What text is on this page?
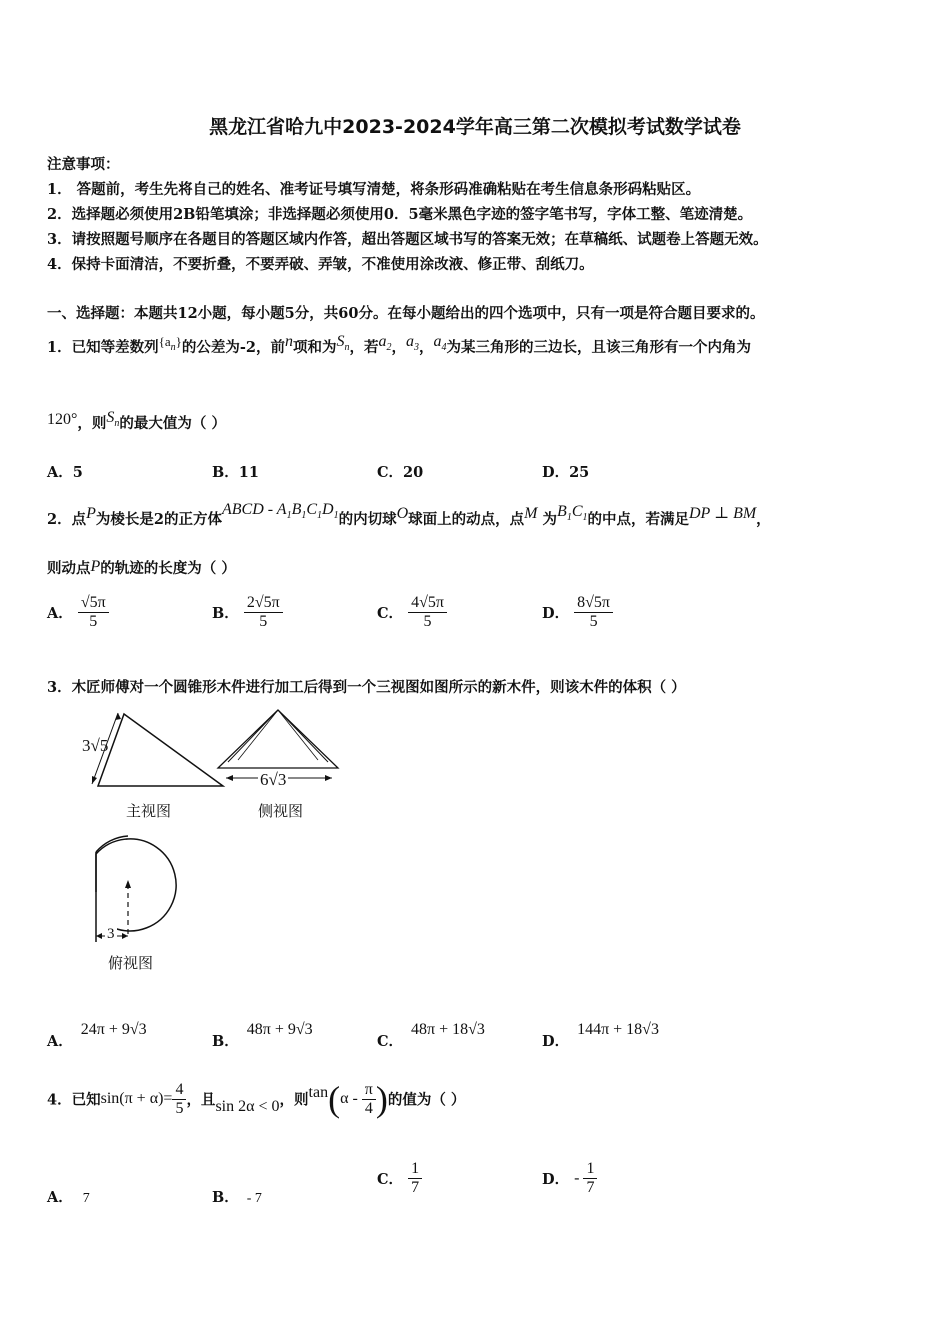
黑龙江省哈九中2023-2024学年高三第二次模拟考试数学试卷
注意事项：
1． 答题前，考生先将自己的姓名、准考证号填写清楚，将条形码准确粘贴在考生信息条形码粘贴区。
2．选择题必须使用2B铅笔填涂；非选择题必须使用0．5毫米黑色字迹的签字笔书写，字体工整、笔迹清楚。
3．请按照题号顺序在各题目的答题区域内作答，超出答题区域书写的答案无效；在草稿纸、试题卷上答题无效。
4．保持卡面清洁，不要折叠，不要弄破、弄皱，不准使用涂改液、修正带、刮纸刀。
一、选择题：本题共12小题，每小题5分，共60分。在每小题给出的四个选项中，只有一项是符合题目要求的。
1．已知等差数列$\{a_n\}$的公差为-2，前n项和为$S_n$，若$a_2$，$a_3$，$a_4$为某三角形的三边长，且该三角形有一个内角为
120°，则$S_n$的最大值为（ ）
A．5	B．11	C．20	D．25
2．点P为棱长是2的正方体ABCD - $A_1B_1C_1D_1$的内切球O球面上的动点，点M 为$B_1C_1$的中点，若满足DP ⊥ BM，
则动点P的轨迹的长度为（ ）
A． $\frac{√5\pi}{5}$	B． $\frac{2√5\pi}{5}$	C． $\frac{4√5\pi}{5}$	D． $\frac{8√5\pi}{5}$
3．木匠师傅对一个圆锥形木件进行加工后得到一个三视图如图所示的新木件，则该木件的体积（ ）
3√5
主视图
6√3
侧视图
3
俯视图
A．24π + 9√3
B．48π + 9√3
C．48π + 18√3
D．144π + 18√3
4．已知$\sin(\pi + \alpha)= \frac{4}{5}$ ，且sin 2α < 0，则$\tan(\alpha - \frac{\pi}{4}$ )的值为（ ）
A． 7	B． - 7
C． $\frac{1}{7}$	D． - $\frac{1}{7}$
